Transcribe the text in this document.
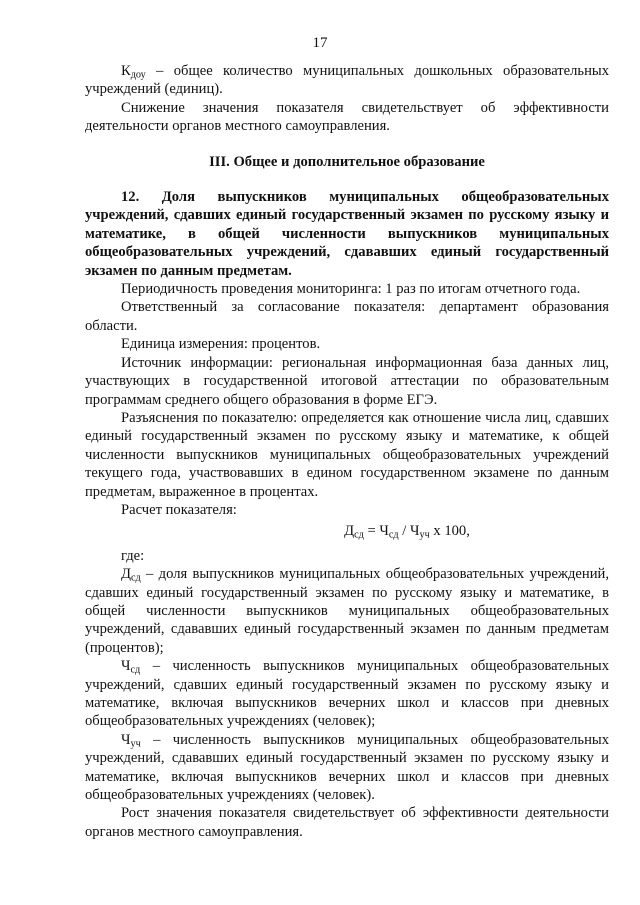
17

$К_{доу}$ – общее количество муниципальных дошкольных образовательных учреждений (единиц).

Снижение значения показателя свидетельствует об эффективности деятельности органов местного самоуправления.

III. Общее и дополнительное образование

12. Доля выпускников муниципальных общеобразовательных учреждений, сдавших единый государственный экзамен по русскому языку и математике, в общей численности выпускников муниципальных общеобразовательных учреждений, сдававших единый государственный экзамен по данным предметам.

Периодичность проведения мониторинга: 1 раз по итогам отчетного года.

Ответственный за согласование показателя: департамент образования области.

Единица измерения: процентов.

Источник информации: региональная информационная база данных лиц, участвующих в государственной итоговой аттестации по образовательным программам среднего общего образования в форме ЕГЭ.

Разъяснения по показателю: определяется как отношение числа лиц, сдавших единый государственный экзамен по русскому языку и математике, к общей численности выпускников муниципальных общеобразовательных учреждений текущего года, участвовавших в едином государственном экзамене по данным предметам, выраженное в процентах.

Расчет показателя:

$Д_{сд} = Ч_{сд} / Ч_{уч}$ х 100,

где:

$Д_{сд}$ – доля выпускников муниципальных общеобразовательных учреждений, сдавших единый государственный экзамен по русскому языку и математике, в общей численности выпускников муниципальных общеобразовательных учреждений, сдававших единый государственный экзамен по данным предметам (процентов);

$Ч_{сд}$ – численность выпускников муниципальных общеобразовательных учреждений, сдавших единый государственный экзамен по русскому языку и математике, включая выпускников вечерних школ и классов при дневных общеобразовательных учреждениях (человек);

$Ч_{уч}$ – численность выпускников муниципальных общеобразовательных учреждений, сдававших единый государственный экзамен по русскому языку и математике, включая выпускников вечерних школ и классов при дневных общеобразовательных учреждениях (человек).

Рост значения показателя свидетельствует об эффективности деятельности органов местного самоуправления.
